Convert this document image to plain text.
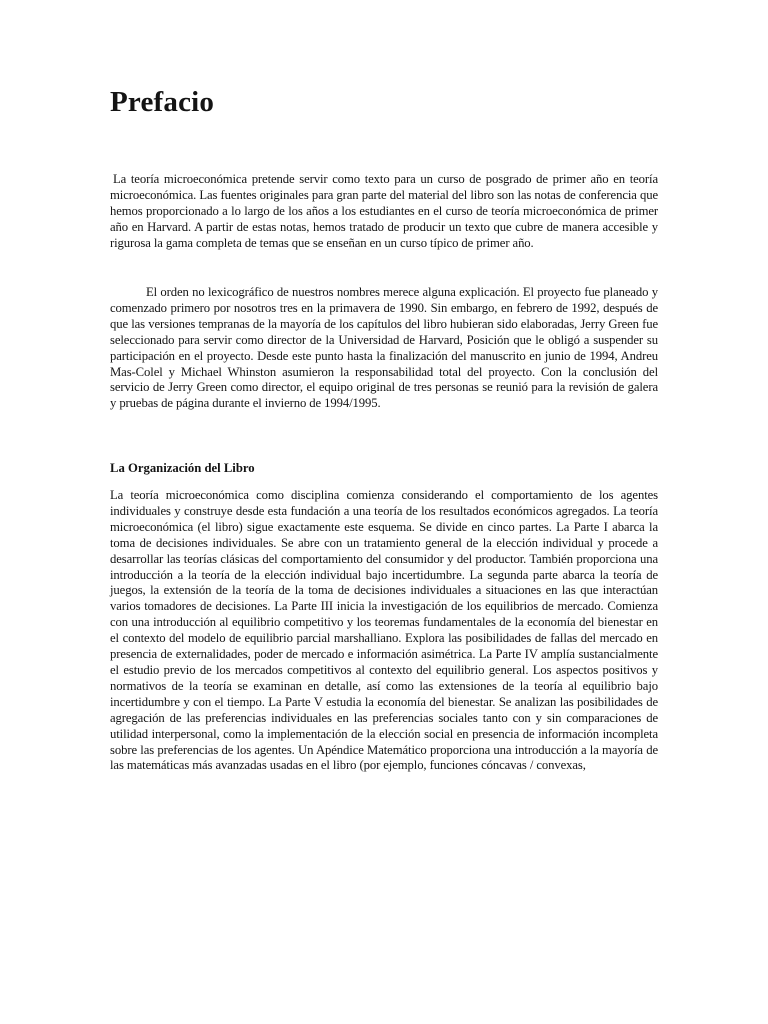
Prefacio

La teoría microeconómica pretende servir como texto para un curso de posgrado de primer año en teoría microeconómica. Las fuentes originales para gran parte del material del libro son las notas de conferencia que hemos proporcionado a lo largo de los años a los estudiantes en el curso de teoría microeconómica de primer año en Harvard. A partir de estas notas, hemos tratado de producir un texto que cubre de manera accesible y rigurosa la gama completa de temas que se enseñan en un curso típico de primer año.

El orden no lexicográfico de nuestros nombres merece alguna explicación. El proyecto fue planeado y comenzado primero por nosotros tres en la primavera de 1990. Sin embargo, en febrero de 1992, después de que las versiones tempranas de la mayoría de los capítulos del libro hubieran sido elaboradas, Jerry Green fue seleccionado para servir como director de la Universidad de Harvard, Posición que le obligó a suspender su participación en el proyecto. Desde este punto hasta la finalización del manuscrito en junio de 1994, Andreu Mas-Colel y Michael Whinston asumieron la responsabilidad total del proyecto. Con la conclusión del servicio de Jerry Green como director, el equipo original de tres personas se reunió para la revisión de galera y pruebas de página durante el invierno de 1994/1995.

La Organización del Libro

La teoría microeconómica como disciplina comienza considerando el comportamiento de los agentes individuales y construye desde esta fundación a una teoría de los resultados económicos agregados. La teoría microeconómica (el libro) sigue exactamente este esquema. Se divide en cinco partes. La Parte I abarca la toma de decisiones individuales. Se abre con un tratamiento general de la elección individual y procede a desarrollar las teorías clásicas del comportamiento del consumidor y del productor. También proporciona una introducción a la teoría de la elección individual bajo incertidumbre. La segunda parte abarca la teoría de juegos, la extensión de la teoría de la toma de decisiones individuales a situaciones en las que interactúan varios tomadores de decisiones. La Parte III inicia la investigación de los equilibrios de mercado. Comienza con una introducción al equilibrio competitivo y los teoremas fundamentales de la economía del bienestar en el contexto del modelo de equilibrio parcial marshalliano. Explora las posibilidades de fallas del mercado en presencia de externalidades, poder de mercado e información asimétrica. La Parte IV amplía sustancialmente el estudio previo de los mercados competitivos al contexto del equilibrio general. Los aspectos positivos y normativos de la teoría se examinan en detalle, así como las extensiones de la teoría al equilibrio bajo incertidumbre y con el tiempo. La Parte V estudia la economía del bienestar. Se analizan las posibilidades de agregación de las preferencias individuales en las preferencias sociales tanto con y sin comparaciones de utilidad interpersonal, como la implementación de la elección social en presencia de información incompleta sobre las preferencias de los agentes. Un Apéndice Matemático proporciona una introducción a la mayoría de las matemáticas más avanzadas usadas en el libro (por ejemplo, funciones cóncavas / convexas,
